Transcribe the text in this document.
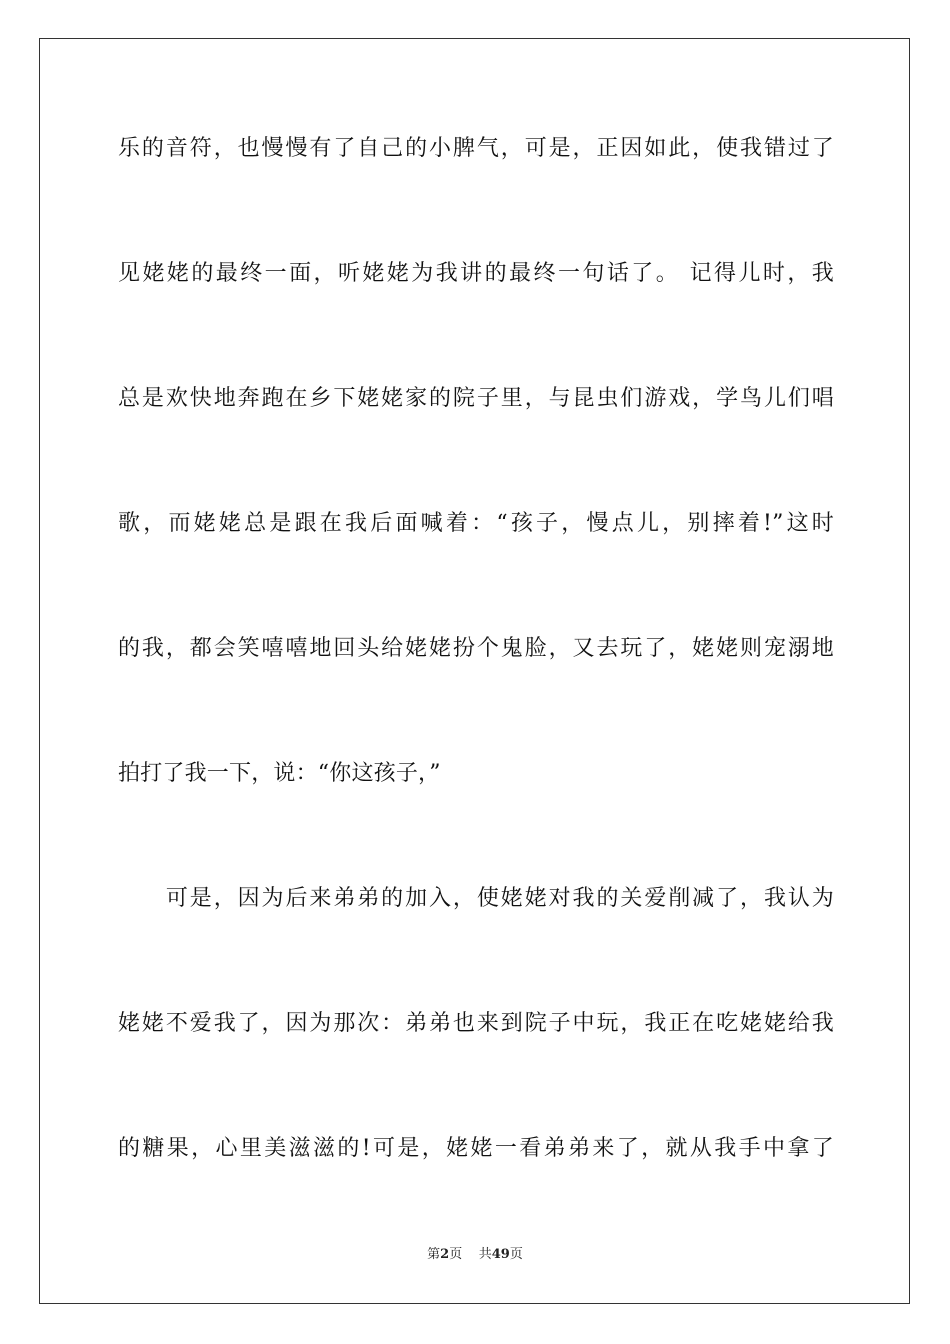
乐的音符，也慢慢有了自己的小脾气，可是，正因如此，使我错过了
见姥姥的最终一面，听姥姥为我讲的最终一句话了。 记得儿时，我
总是欢快地奔跑在乡下姥姥家的院子里，与昆虫们游戏，学鸟儿们唱
歌，而姥姥总是跟在我后面喊着：“孩子，慢点儿，别摔着!”这时
的我，都会笑嘻嘻地回头给姥姥扮个鬼脸，又去玩了，姥姥则宠溺地
拍打了我一下，说：“你这孩子，”
　　可是，因为后来弟弟的加入，使姥姥对我的关爱削减了，我认为
姥姥不爱我了，因为那次：弟弟也来到院子中玩，我正在吃姥姥给我
的糖果，心里美滋滋的!可是，姥姥一看弟弟来了，就从我手中拿了
第2页 共49页
